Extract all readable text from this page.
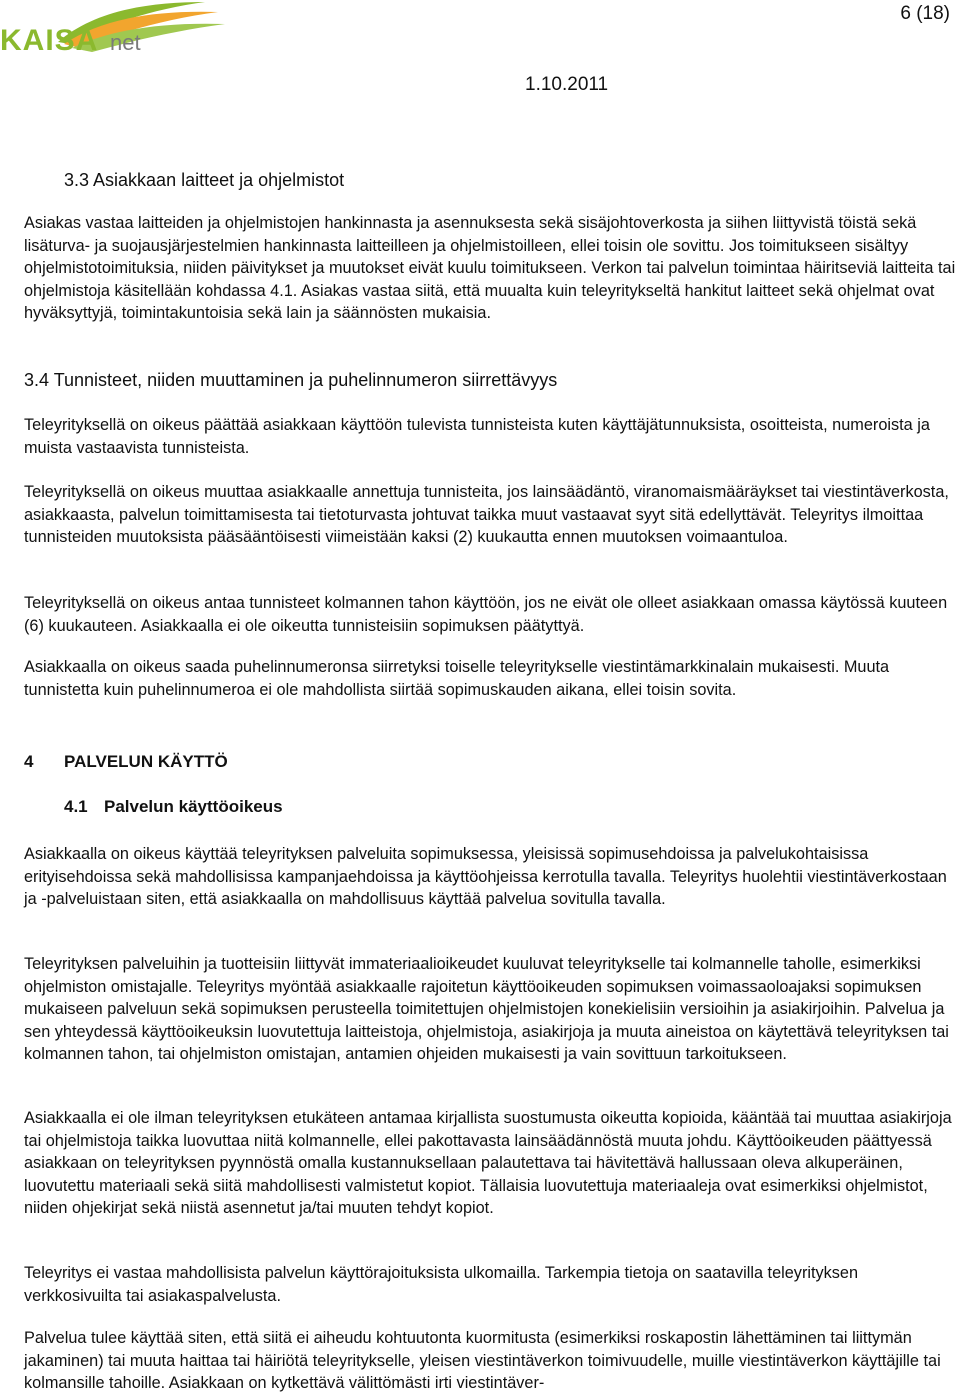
KAISA net
6 (18)
1.10.2011
3.3 Asiakkaan laitteet ja ohjelmistot

Asiakas vastaa laitteiden ja ohjelmistojen hankinnasta ja asennuksesta sekä sisäjohtoverkosta ja siihen liittyvistä töistä sekä lisäturva- ja suojausjärjestelmien hankinnasta laitteilleen ja ohjelmistoilleen, ellei toisin ole sovittu. Jos toimitukseen sisältyy ohjelmistotoimituksia, niiden päivitykset ja muutokset eivät kuulu toimitukseen. Verkon tai palvelun toimintaa häiritseviä laitteita tai ohjelmistoja käsitellään kohdassa 4.1. Asiakas vastaa siitä, että muualta kuin teleyritykseltä hankitut laitteet sekä ohjelmat ovat hyväksyttyjä, toimintakuntoisia sekä lain ja säännösten mukaisia.

3.4 Tunnisteet, niiden muuttaminen ja puhelinnumeron siirrettävyys

Teleyrityksellä on oikeus päättää asiakkaan käyttöön tulevista tunnisteista kuten käyttäjätunnuksista, osoitteista, numeroista ja muista vastaavista tunnisteista.

Teleyrityksellä on oikeus muuttaa asiakkaalle annettuja tunnisteita, jos lainsäädäntö, viranomaismääräykset tai viestintäverkosta, asiakkaasta, palvelun toimittamisesta tai tietoturvasta johtuvat taikka muut vastaavat syyt sitä edellyttävät. Teleyritys ilmoittaa tunnisteiden muutoksista pääsääntöisesti viimeistään kaksi (2) kuukautta ennen muutoksen voimaantuloa.

Teleyrityksellä on oikeus antaa tunnisteet kolmannen tahon käyttöön, jos ne eivät ole olleet asiakkaan omassa käytössä kuuteen (6) kuukauteen. Asiakkaalla ei ole oikeutta tunnisteisiin sopimuksen päätyttyä.

Asiakkaalla on oikeus saada puhelinnumeronsa siirretyksi toiselle teleyritykselle viestintämarkkinalain mukaisesti. Muuta tunnistetta kuin puhelinnumeroa ei ole mahdollista siirtää sopimuskauden aikana, ellei toisin sovita.

4 PALVELUN KÄYTTÖ
4.1 Palvelun käyttöoikeus

Asiakkaalla on oikeus käyttää teleyrityksen palveluita sopimuksessa, yleisissä sopimusehdoissa ja palvelukohtaisissa erityisehdoissa sekä mahdollisissa kampanjaehdoissa ja käyttöohjeissa kerrotulla tavalla. Teleyritys huolehtii viestintäverkostaan ja -palveluistaan siten, että asiakkaalla on mahdollisuus käyttää palvelua sovitulla tavalla.

Teleyrityksen palveluihin ja tuotteisiin liittyvät immateriaalioikeudet kuuluvat teleyritykselle tai kolmannelle taholle, esimerkiksi ohjelmiston omistajalle. Teleyritys myöntää asiakkaalle rajoitetun käyttöoikeuden sopimuksen voimassaoloajaksi sopimuksen mukaiseen palveluun sekä sopimuksen perusteella toimitettujen ohjelmistojen konekielisiin versioihin ja asiakirjoihin. Palvelua ja sen yhteydessä käyttöoikeuksin luovutettuja laitteistoja, ohjelmistoja, asiakirjoja ja muuta aineistoa on käytettävä teleyrityksen tai kolmannen tahon, tai ohjelmiston omistajan, antamien ohjeiden mukaisesti ja vain sovittuun tarkoitukseen.

Asiakkaalla ei ole ilman teleyrityksen etukäteen antamaa kirjallista suostumusta oikeutta kopioida, kääntää tai muuttaa asiakirjoja tai ohjelmistoja taikka luovuttaa niitä kolmannelle, ellei pakottavasta lainsäädännöstä muuta johdu. Käyttöoikeuden päättyessä asiakkaan on teleyrityksen pyynnöstä omalla kustannuksellaan palautettava tai hävitettävä hallussaan oleva alkuperäinen, luovutettu materiaali sekä siitä mahdollisesti valmistetut kopiot. Tällaisia luovutettuja materiaaleja ovat esimerkiksi ohjelmistot, niiden ohjekirjat sekä niistä asennetut ja/tai muuten tehdyt kopiot.

Teleyritys ei vastaa mahdollisista palvelun käyttörajoituksista ulkomailla. Tarkempia tietoja on saatavilla teleyrityksen verkkosivuilta tai asiakaspalvelusta.

Palvelua tulee käyttää siten, että siitä ei aiheudu kohtuutonta kuormitusta (esimerkiksi roskapostin lähettäminen tai liittymän jakaminen) tai muuta haittaa tai häiriötä teleyritykselle, yleisen viestintäverkon toimivuudelle, muille viestintäverkon käyttäjille tai kolmansille tahoille. Asiakkaan on kytkettävä välittömästi irti viestintäver-
